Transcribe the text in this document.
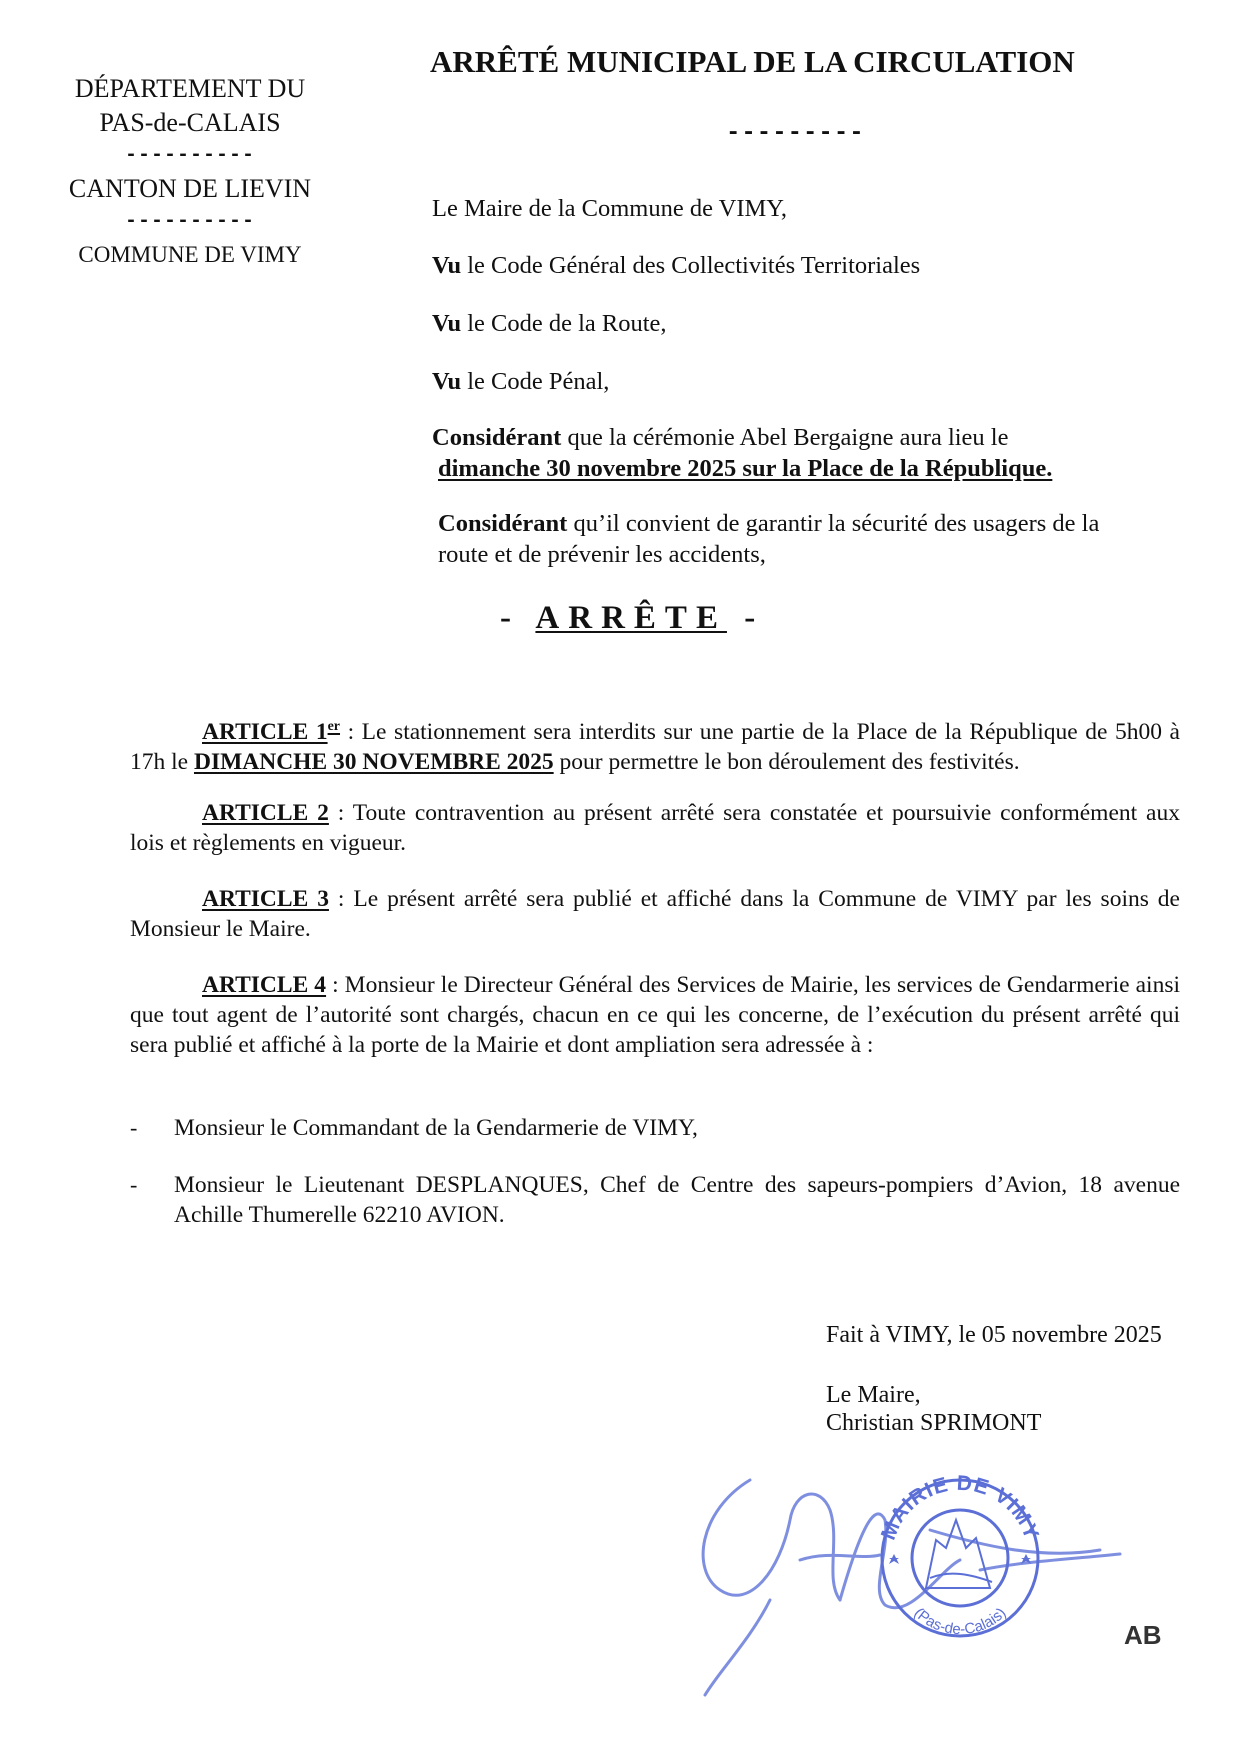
DÉPARTEMENT DU
PAS-de-CALAIS
----------
CANTON DE LIEVIN
----------
COMMUNE DE VIMY
ARRÊTÉ MUNICIPAL DE LA CIRCULATION
---------
Le Maire de la Commune de VIMY,
Vu le Code Général des Collectivités Territoriales
Vu le Code de la Route,
Vu le Code Pénal,
Considérant que la cérémonie Abel Bergaigne aura lieu le
dimanche 30 novembre 2025 sur la Place de la République.
Considérant qu’il convient de garantir la sécurité des usagers de la
route et de prévenir les accidents,
- ARRÊTE -
ARTICLE 1er : Le stationnement sera interdits sur une partie de la Place de la République de 5h00 à 17h le DIMANCHE 30 NOVEMBRE 2025 pour permettre le bon déroulement des festivités.
ARTICLE 2 : Toute contravention au présent arrêté sera constatée et poursuivie conformément aux lois et règlements en vigueur.
ARTICLE 3 : Le présent arrêté sera publié et affiché dans la Commune de VIMY par les soins de Monsieur le Maire.
ARTICLE 4 : Monsieur le Directeur Général des Services de Mairie, les services de Gendarmerie ainsi que tout agent de l’autorité sont chargés, chacun en ce qui les concerne, de l’exécution du présent arrêté qui sera publié et affiché à la porte de la Mairie et dont ampliation sera adressée à :
- Monsieur le Commandant de la Gendarmerie de VIMY,
- Monsieur le Lieutenant DESPLANQUES, Chef de Centre des sapeurs-pompiers d’Avion, 18 avenue Achille Thumerelle 62210 AVION.
Fait à VIMY, le 05 novembre 2025
Le Maire,
Christian SPRIMONT
MAIRIE DE VIMY
(Pas-de-Calais)
AB
